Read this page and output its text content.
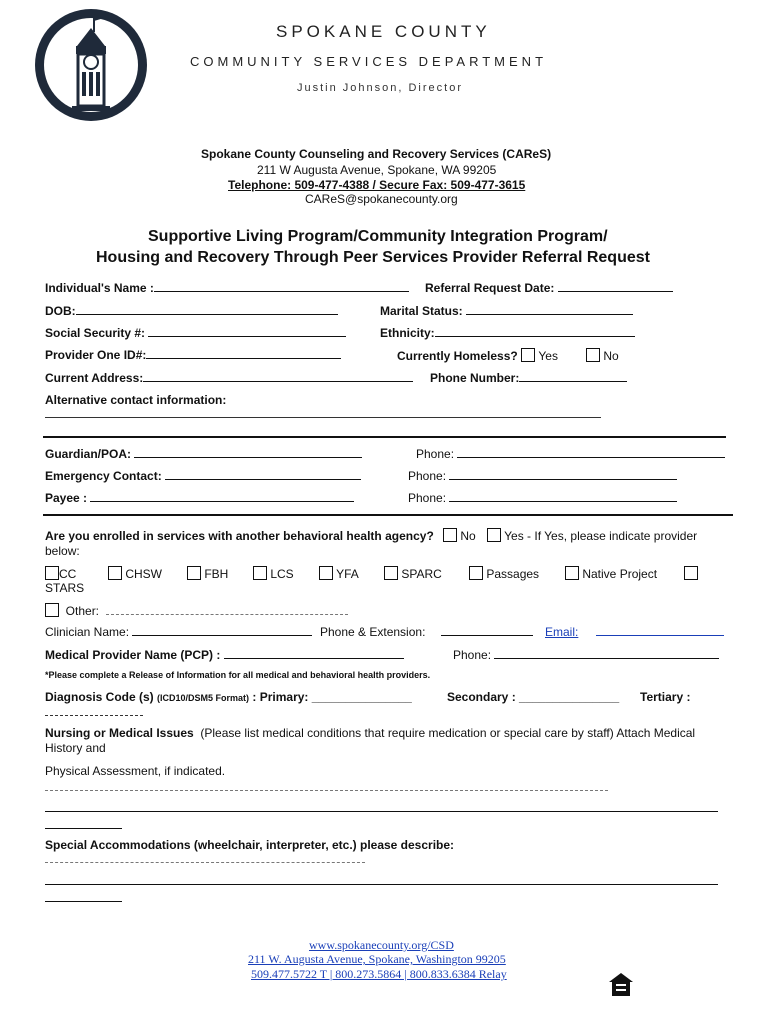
SPOKANE COUNTY
COMMUNITY SERVICES DEPARTMENT
Justin Johnson, Director
Spokane County Counseling and Recovery Services (CAReS)
211 W Augusta Avenue, Spokane, WA 99205
Telephone: 509-477-4388 / Secure Fax: 509-477-3615
CAReS@spokanecounty.org
Supportive Living Program/Community Integration Program/
Housing and Recovery Through Peer Services Provider Referral Request
Individual's Name :	Referral Request Date:
DOB:	Marital Status:
Social Security #:	Ethnicity:
Provider One ID#:	Currently Homeless? Yes	No
Current Address:	Phone Number:
Alternative contact information:
Guardian/POA:	Phone:
Emergency Contact:	Phone:
Payee :	Phone:
Are you enrolled in services with another behavioral health agency?	No	Yes - If Yes, please indicate provider
below:
CC	CHSW	FBH	LCS	YFA	SPARC	Passages	Native Project
STARS
Other:
Clinician Name:	Phone & Extension:	Email:
Medical Provider Name (PCP) :	Phone:
*Please complete a Release of Information for all medical and behavioral health providers.
Diagnosis Code (s) (ICD10/DSM5 Format) : Primary: _______________	Secondary : _______________ Tertiary :
Nursing or Medical Issues (Please list medical conditions that require medication or special care by staff) Attach Medical
History and
Physical Assessment, if indicated.
Special Accommodations (wheelchair, interpreter, etc.) please describe:
www.spokanecounty.org/CSD
211 W. Augusta Avenue, Spokane, Washington 99205
509.477.5722 T | 800.273.5864 | 800.833.6384 Relay
